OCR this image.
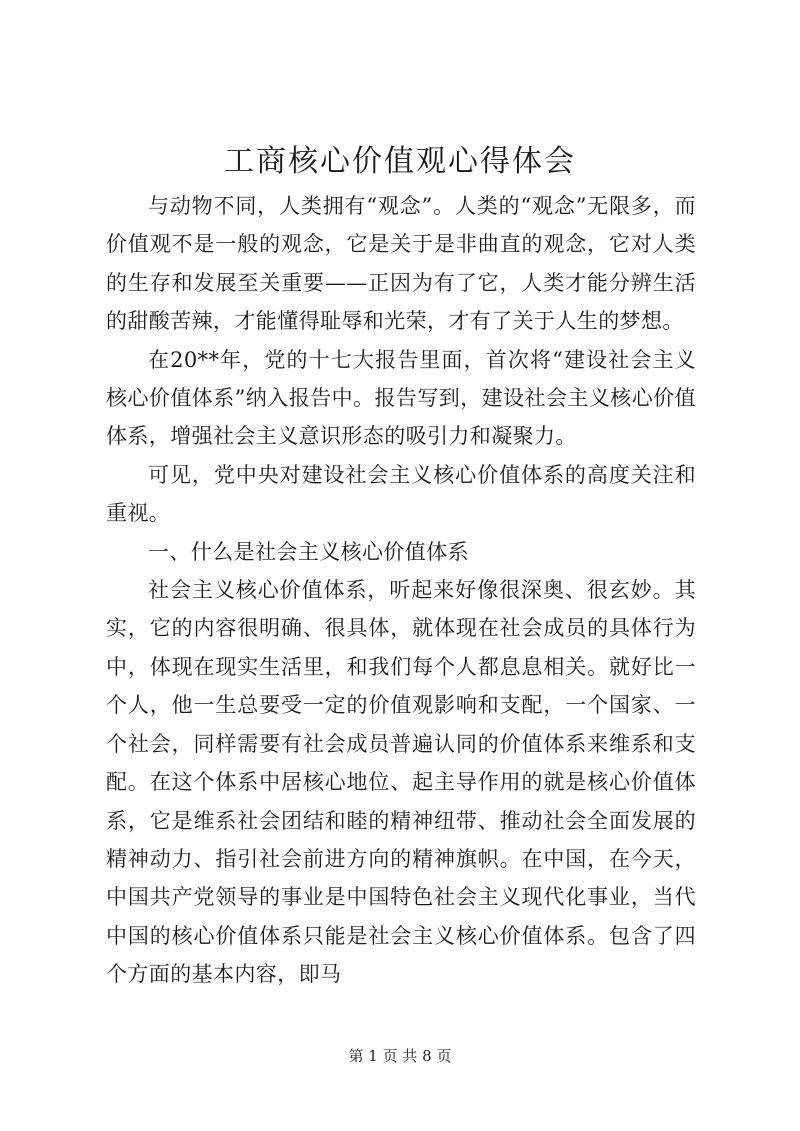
工商核心价值观心得体会

与动物不同，人类拥有“观念”。人类的“观念”无限多，而价值观不是一般的观念，它是关于是非曲直的观念，它对人类的生存和发展至关重要——正因为有了它，人类才能分辨生活的甜酸苦辣，才能懂得耻辱和光荣，才有了关于人生的梦想。

在20**年，党的十七大报告里面，首次将“建设社会主义核心价值体系”纳入报告中。报告写到，建设社会主义核心价值体系，增强社会主义意识形态的吸引力和凝聚力。

可见，党中央对建设社会主义核心价值体系的高度关注和重视。

一、什么是社会主义核心价值体系

社会主义核心价值体系，听起来好像很深奥、很玄妙。其实，它的内容很明确、很具体，就体现在社会成员的具体行为中，体现在现实生活里，和我们每个人都息息相关。就好比一个人，他一生总要受一定的价值观影响和支配，一个国家、一个社会，同样需要有社会成员普遍认同的价值体系来维系和支配。在这个体系中居核心地位、起主导作用的就是核心价值体系，它是维系社会团结和睦的精神纽带、推动社会全面发展的精神动力、指引社会前进方向的精神旗帜。在中国，在今天，中国共产党领导的事业是中国特色社会主义现代化事业，当代中国的核心价值体系只能是社会主义核心价值体系。包含了四个方面的基本内容，即马

第 1 页 共 8 页
